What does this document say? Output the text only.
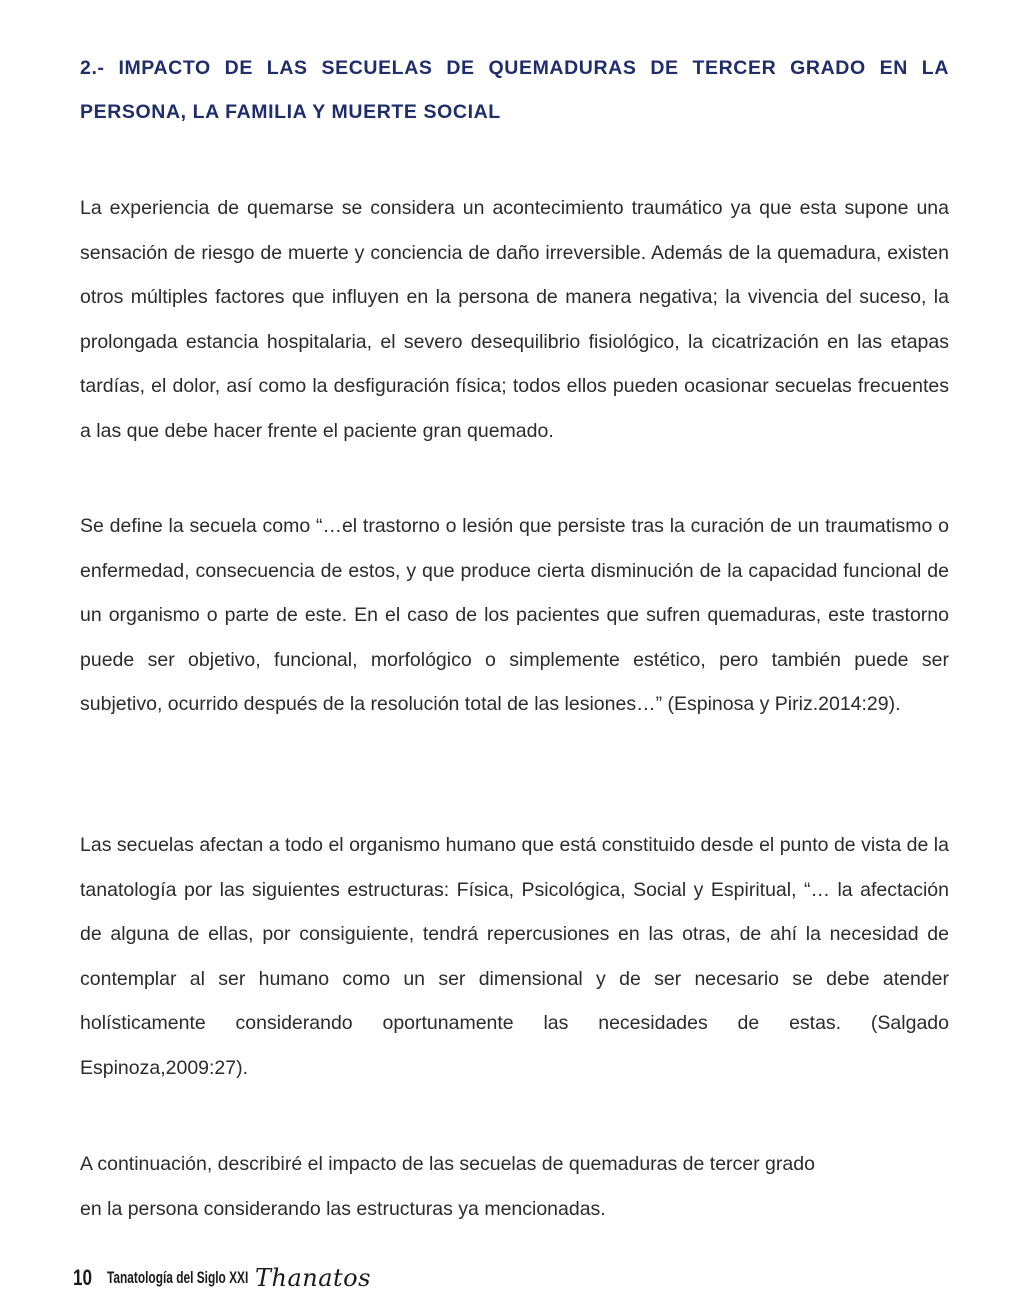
2.- IMPACTO DE LAS SECUELAS DE QUEMADURAS DE TERCER GRADO EN LA PERSONA, LA FAMILIA Y MUERTE SOCIAL

La experiencia de quemarse se considera un acontecimiento traumático ya que esta supone una sensación de riesgo de muerte y conciencia de daño irreversible. Además de la quemadura, existen otros múltiples factores que influyen en la persona de manera negativa; la vivencia del suceso, la prolongada estancia hospitalaria, el severo desequilibrio fisiológico, la cicatrización en las etapas tardías, el dolor, así como la desfiguración física; todos ellos pueden ocasionar secuelas frecuentes a las que debe hacer frente el paciente gran quemado.

Se define la secuela como “…el trastorno o lesión que persiste tras la curación de un traumatismo o enfermedad, consecuencia de estos, y que produce cierta disminución de la capacidad funcional de un organismo o parte de este. En el caso de los pacientes que sufren quemaduras, este trastorno puede ser objetivo, funcional, morfológico o simplemente estético, pero también puede ser subjetivo, ocurrido después de la resolución total de las lesiones…” (Espinosa y Piriz.2014:29).

Las secuelas afectan a todo el organismo humano que está constituido desde el punto de vista de la tanatología por las siguientes estructuras: Física, Psicológica, Social y Espiritual, “… la afectación de alguna de ellas, por consiguiente, tendrá repercusiones en las otras, de ahí la necesidad de contemplar al ser humano como un ser dimensional y de ser necesario se debe atender holísticamente considerando oportunamente las necesidades de estas. (Salgado Espinoza,2009:27).

A continuación, describiré el impacto de las secuelas de quemaduras de tercer grado en la persona considerando las estructuras ya mencionadas.

10 Tanatología del Siglo XXI Thanatos
